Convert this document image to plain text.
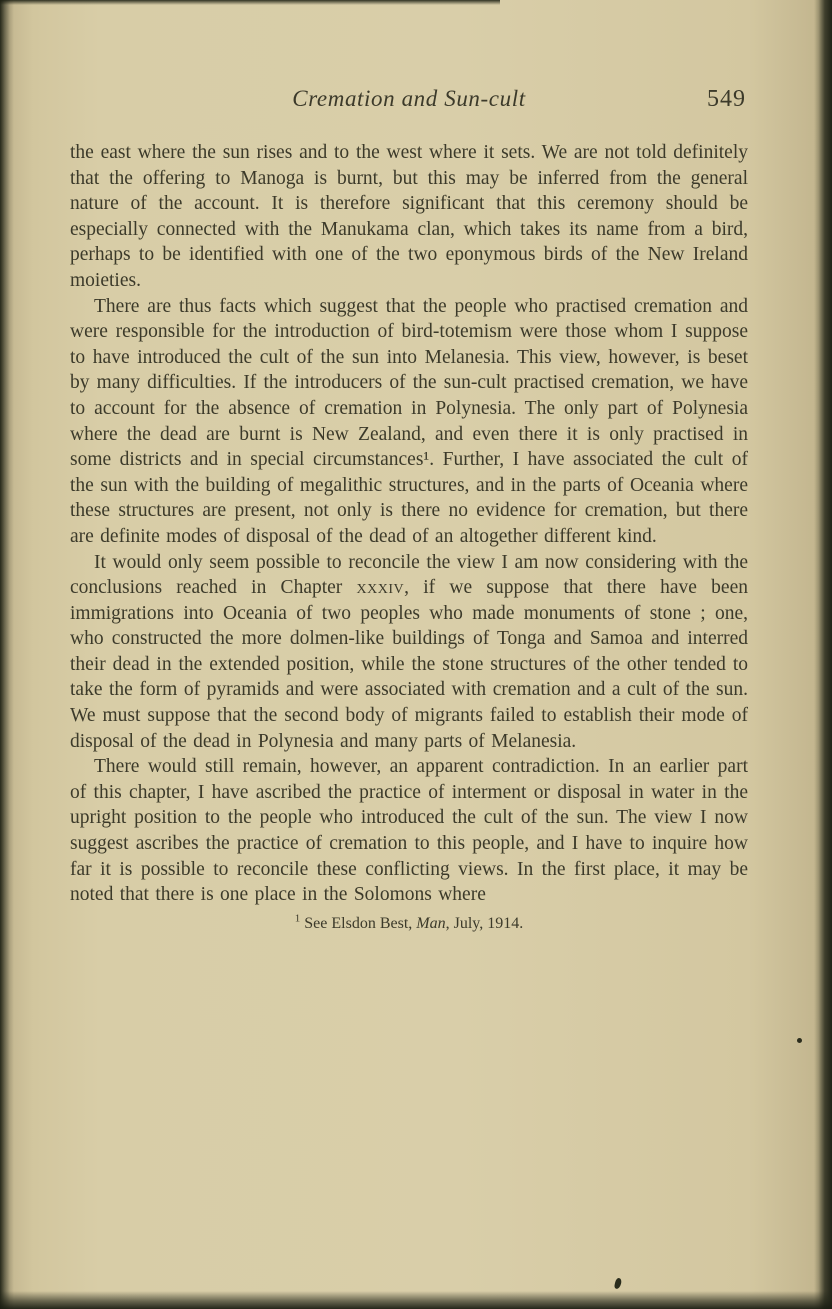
Cremation and Sun-cult	549

the east where the sun rises and to the west where it sets. We are not told definitely that the offering to Manoga is burnt, but this may be inferred from the general nature of the account. It is therefore significant that this ceremony should be especially connected with the Manukama clan, which takes its name from a bird, perhaps to be identified with one of the two eponymous birds of the New Ireland moieties.

There are thus facts which suggest that the people who practised cremation and were responsible for the introduction of bird-totemism were those whom I suppose to have introduced the cult of the sun into Melanesia. This view, however, is beset by many difficulties. If the introducers of the sun-cult practised cremation, we have to account for the absence of cremation in Polynesia. The only part of Polynesia where the dead are burnt is New Zealand, and even there it is only practised in some districts and in special circumstances¹. Further, I have associated the cult of the sun with the building of megalithic structures, and in the parts of Oceania where these structures are present, not only is there no evidence for cremation, but there are definite modes of disposal of the dead of an altogether different kind.

It would only seem possible to reconcile the view I am now considering with the conclusions reached in Chapter xxxiv, if we suppose that there have been immigrations into Oceania of two peoples who made monuments of stone ; one, who constructed the more dolmen-like buildings of Tonga and Samoa and interred their dead in the extended position, while the stone structures of the other tended to take the form of pyramids and were associated with cremation and a cult of the sun. We must suppose that the second body of migrants failed to establish their mode of disposal of the dead in Polynesia and many parts of Melanesia.

There would still remain, however, an apparent contradiction. In an earlier part of this chapter, I have ascribed the practice of interment or disposal in water in the upright position to the people who introduced the cult of the sun. The view I now suggest ascribes the practice of cremation to this people, and I have to inquire how far it is possible to reconcile these conflicting views. In the first place, it may be noted that there is one place in the Solomons where

$^1$ See Elsdon Best, Man, July, 1914.
